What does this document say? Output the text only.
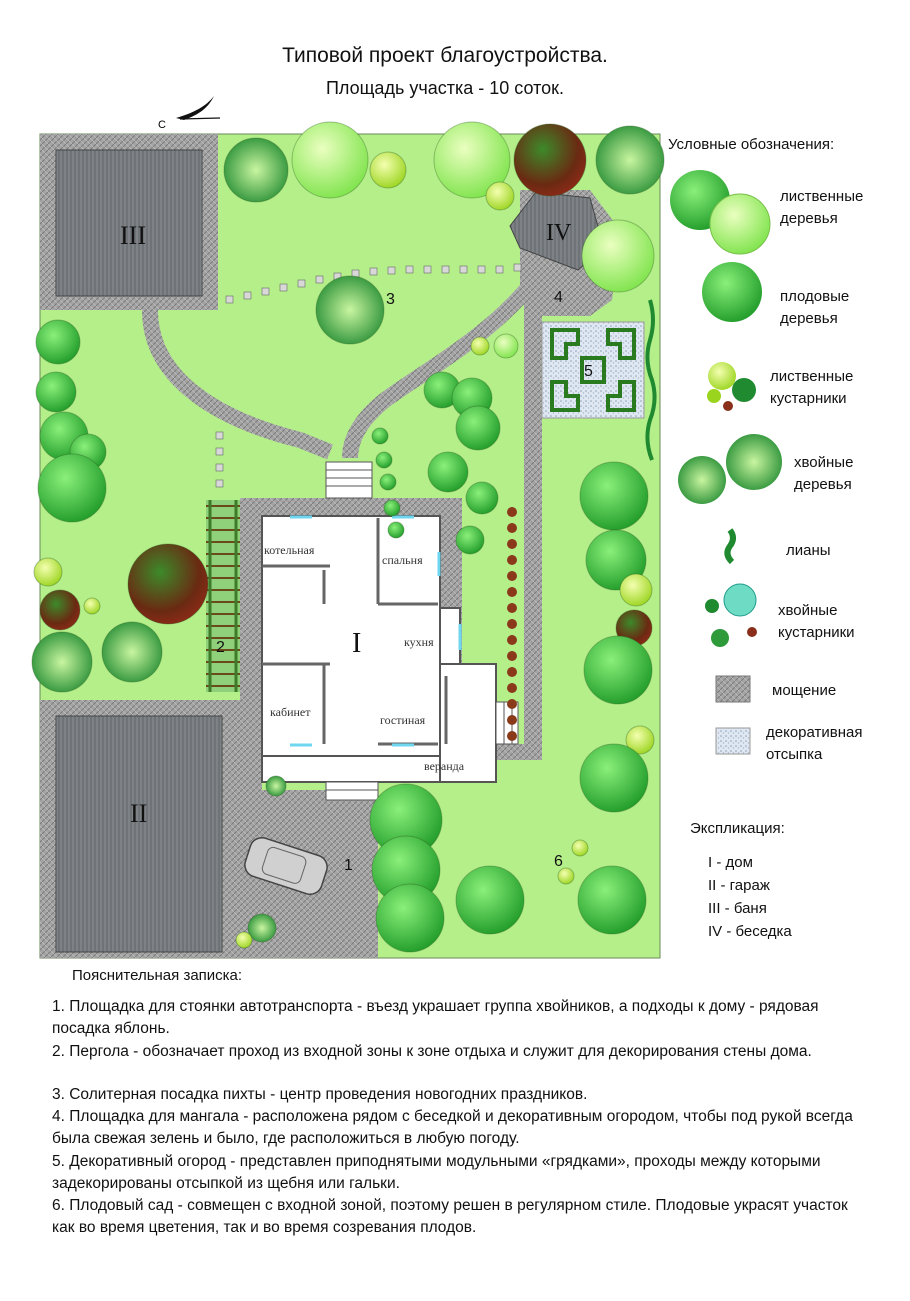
Типовой проект благоустройства.
Площадь участка - 10 соток.
С
III
II
IV
I
1
2
3	4
5
6
котельная
спальня
кухня
кабинет
гостиная
веранда
Условные обозначения:
лиственные деревья
плодовые деревья
лиственные кустарники
хвойные деревья
лианы
хвойные кустарники
мощение
декоративная отсыпка
Экспликация:
I - дом
II - гараж
III - баня
IV - беседка
Пояснительная записка:
1. Площадка для стоянки автотранспорта - въезд украшает группа хвойников, а подходы к дому - рядовая посадка яблонь.
2. Пергола - обозначает проход из входной зоны к зоне отдыха и служит для декорирования стены дома.
3. Солитерная посадка пихты - центр проведения новогодних праздников.
4. Площадка для мангала - расположена рядом с беседкой и декоративным огородом, чтобы под рукой всегда была свежая зелень и было, где расположиться в любую погоду.
5. Декоративный огород - представлен приподнятыми модульными «грядками», проходы между которыми задекорированы отсыпкой из щебня или гальки.
6. Плодовый сад - совмещен с входной зоной, поэтому решен в регулярном стиле. Плодовые украсят участок как во время цветения, так и во время созревания плодов.
